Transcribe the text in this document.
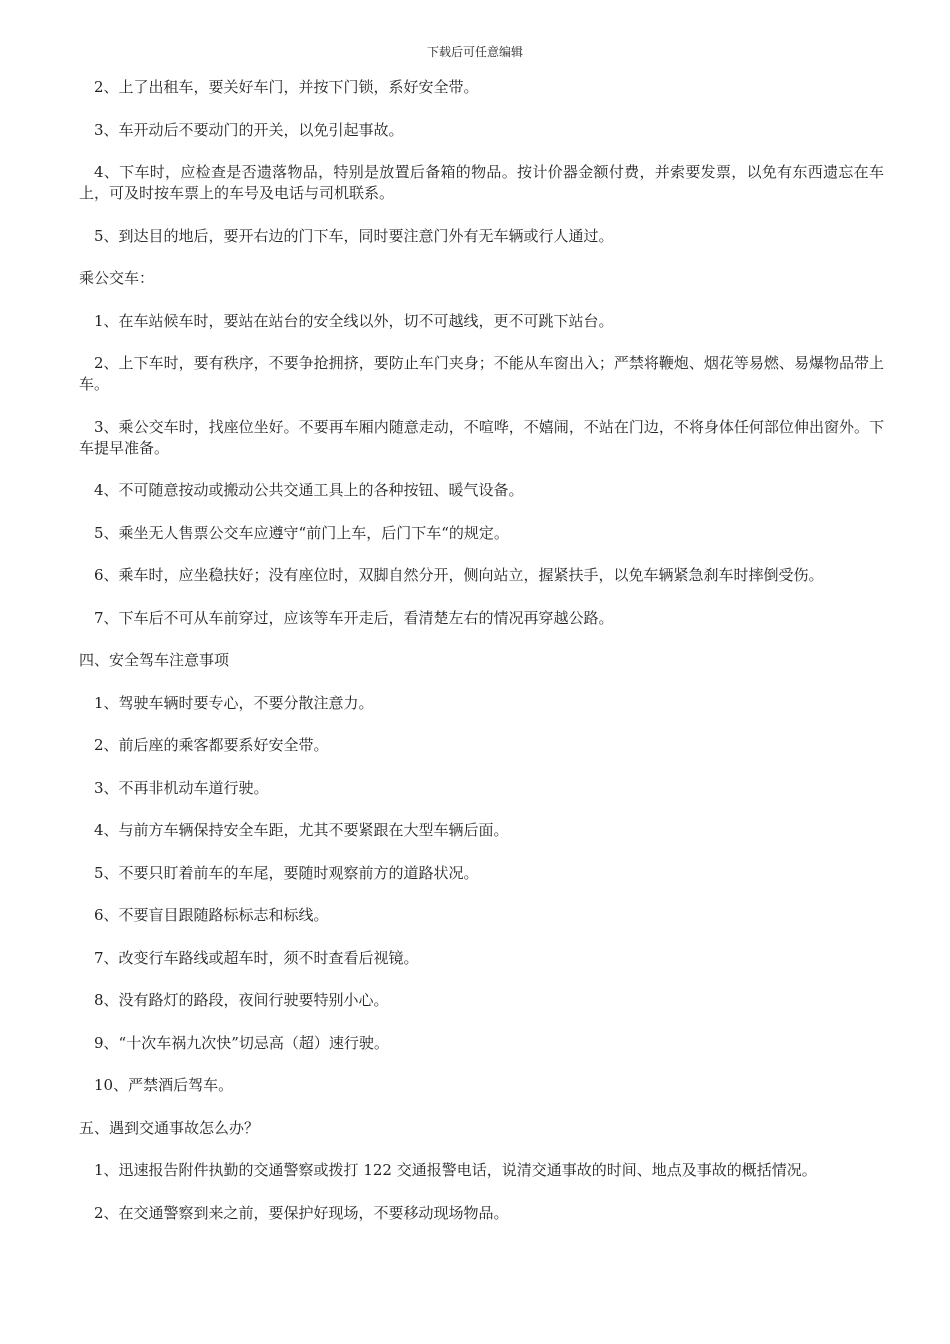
下载后可任意编辑

2、上了出租车，要关好车门，并按下门锁，系好安全带。

3、车开动后不要动门的开关，以免引起事故。

4、下车时，应检查是否遗落物品，特别是放置后备箱的物品。按计价器金额付费，并索要发票，以免有东西遗忘在车上，可及时按车票上的车号及电话与司机联系。

5、到达目的地后，要开右边的门下车，同时要注意门外有无车辆或行人通过。

乘公交车：

1、在车站候车时，要站在站台的安全线以外，切不可越线，更不可跳下站台。

2、上下车时，要有秩序，不要争抢拥挤，要防止车门夹身；不能从车窗出入；严禁将鞭炮、烟花等易燃、易爆物品带上车。

3、乘公交车时，找座位坐好。不要再车厢内随意走动，不喧哗，不嬉闹，不站在门边，不将身体任何部位伸出窗外。下车提早准备。

4、不可随意按动或搬动公共交通工具上的各种按钮、暖气设备。

5、乘坐无人售票公交车应遵守“前门上车，后门下车“的规定。

6、乘车时，应坐稳扶好；没有座位时，双脚自然分开，侧向站立，握紧扶手，以免车辆紧急刹车时摔倒受伤。

7、下车后不可从车前穿过，应该等车开走后，看清楚左右的情况再穿越公路。

四、安全驾车注意事项

1、驾驶车辆时要专心，不要分散注意力。

2、前后座的乘客都要系好安全带。

3、不再非机动车道行驶。

4、与前方车辆保持安全车距，尤其不要紧跟在大型车辆后面。

5、不要只盯着前车的车尾，要随时观察前方的道路状况。

6、不要盲目跟随路标标志和标线。

7、改变行车路线或超车时，须不时查看后视镜。

8、没有路灯的路段，夜间行驶要特别小心。

9、“十次车祸九次快”切忌高（超）速行驶。

10、严禁酒后驾车。

五、遇到交通事故怎么办？

1、迅速报告附件执勤的交通警察或拨打 122 交通报警电话，说清交通事故的时间、地点及事故的概括情况。

2、在交通警察到来之前，要保护好现场，不要移动现场物品。
